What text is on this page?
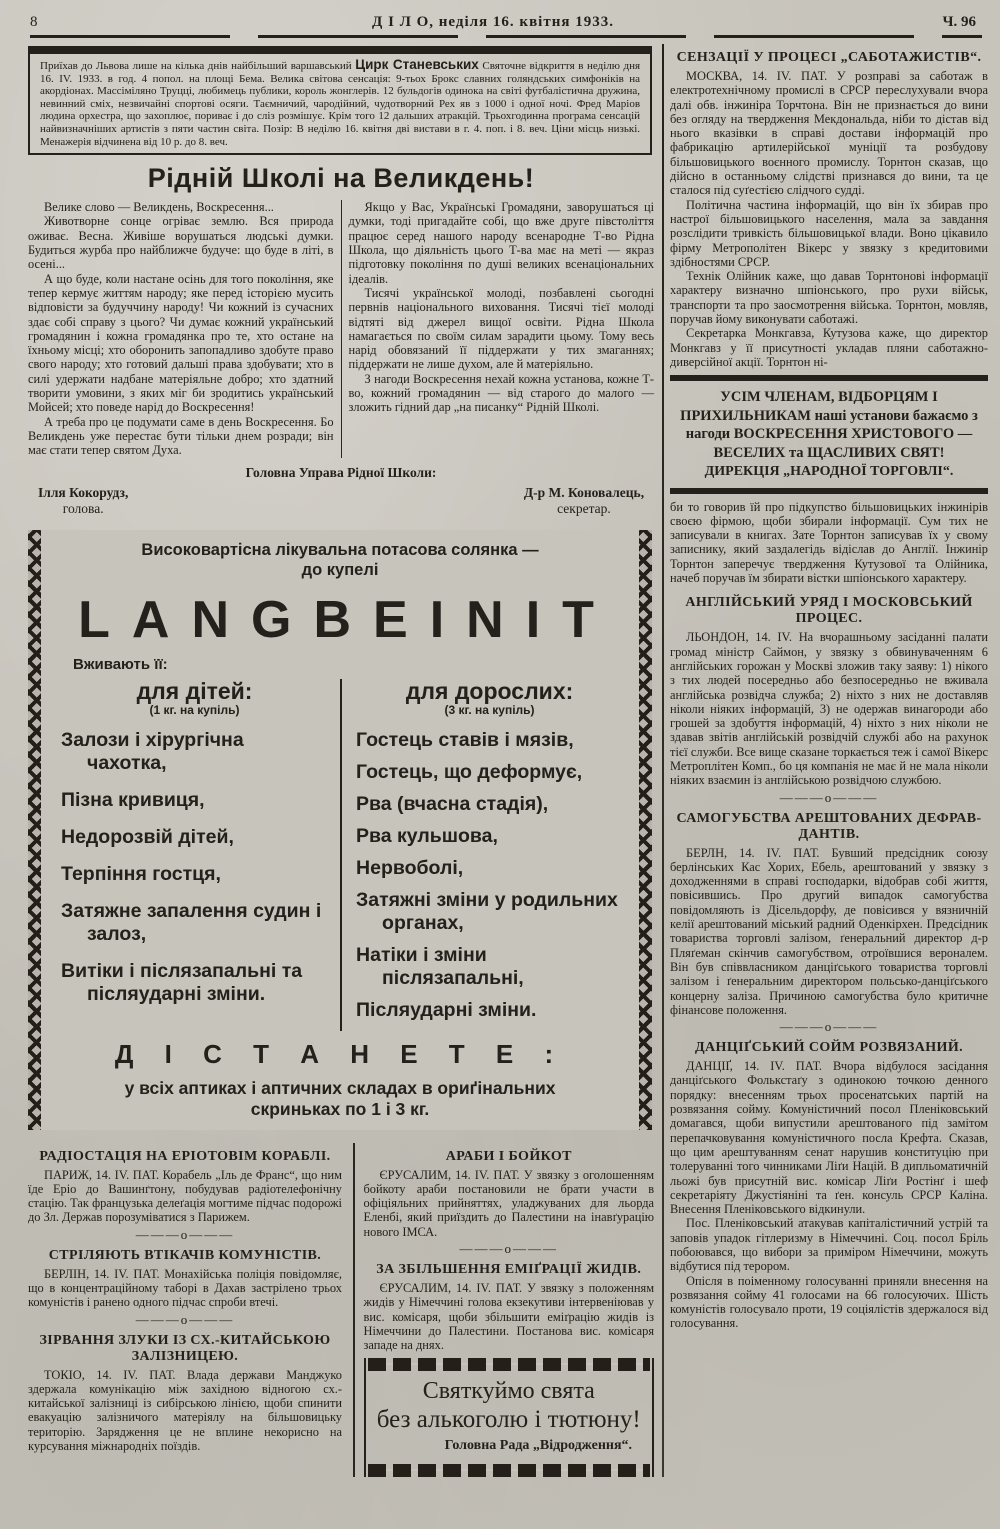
8	Д І Л О, неділя 16. квітня 1933.	Ч. 96
Приїхав до Львова лише на кілька днів найбільший варшавський Цирк Станевських Святочне відкриття в неділю дня 16. IV. 1933. в год. 4 попол. на площі Бема. Велика світова сенсація: 9-тьох Брокс славних голяндських симфоніків на акордіонах. Массіміляно Труцці, любимець публики, король жонглерів. 12 бульдогів одинока на світі футбалістична дружина, невинний сміх, незвичайні спортові осяги. Таємничий, чародійний, чудотворний Рех яв з 1000 і одної ночі. Фред Маріов людина орхестра, що захоплює, пориває і до сліз розмішує. Крім того 12 дальших атракцій. Трьохгодинна програма сенсацій найвизначніших артистів з пяти частин світа. Позір: В неділю 16. квітня дві вистави в г. 4. поп. і 8. веч. Ціни місць низькі. Менажерія відчинена від 10 р. до 8. веч.
Рідній Школі на Великдень!

Велике слово — Великдень, Воскресення...

Животворне сонце огріває землю. Вся природа оживає. Весна. Живіше ворушаться людські думки. Будиться журба про найближче будуче: що буде в літі, в осені...

А що буде, коли настане осінь для того покоління, яке тепер кермує життям народу; яке перед історією мусить відповісти за будуччину народу! Чи кожний із сучасних здає собі справу з цього? Чи думає кожний український громадянин і кожна громадянка про те, хто остане на їхньому місці; хто оборонить запопадливо здобуте право свого народу; хто готовий дальші права здобувати; хто в силі удержати надбане матеріяльне добро; хто здатний творити умовини, з яких міг би зродитись український Мойсей; хто поведе нарід до Воскресення!

А треба про це подумати саме в день Воскресення. Бо Великдень уже перестає бути тільки днем розради; він має стати тепер святом Духа.

Якщо у Вас, Українські Громадяни, заворушаться ці думки, тоді пригадайте собі, що вже друге півстоліття працює серед нашого народу всенародне Т-во Рідна Школа, що діяльність цього Т-ва має на меті — якраз підготовку покоління по душі великих всенаціональних ідеалів.

Тисячі української молоді, позбавлені сьогодні первнів національного виховання. Тисячі тієї молоді відтяті від джерел вищої освіти. Рідна Школа намагається по своїм силам зарадити цьому. Тому весь нарід обовязаний її піддержати у тих змаганнях; піддержати не лише духом, але й матеріяльно.

З нагоди Воскресення нехай кожна установа, кожне Т-во, кожний громадянин — від старого до малого — зложить гідний дар „на писанку“ Рідній Школі.

Головна Управа Рідної Школи:
Ілля Кокорудз,
голова.
Д-р М. Коновалець,
секретар.
Високовартісна лікувальна потасова солянка —
до купелі
LANGBEINIT
Вживають її:
для дітей:
(1 кг. на купіль)

Залози і хірургічна чахотка,

Пізна кривиця,

Недорозвій дітей,

Терпіння гостця,

Затяжне запалення судин і залоз,

Витіки і післязапальні та післяударні зміни.

для дорослих:
(3 кг. на купіль)

Гостець ставів і мязів,

Гостець, що деформує,

Рва (вчасна стадія),

Рва кульшова,

Нервоболі,

Затяжні зміни у родильних органах,

Натіки і зміни післязапальні,

Післяударні зміни.

Д І С Т А Н Е Т Е :
у всіх аптиках і аптичних складах в ориґінальних
скриньках по 1 і 3 кг.
РАДІОСТАЦІЯ НА ЕРІОТОВІМ КОРАБЛІ.

ПАРИЖ, 14. IV. ПАТ. Корабель „Іль де Франс“, що ним їде Еріо до Вашинґтону, побудував радіотелефонічну стацію. Так французька делеґація могтиме підчас подорожі до Зл. Держав порозуміватися з Парижем.

———о———
СТРІЛЯЮТЬ ВТІКАЧІВ КОМУНІСТІВ.

БЕРЛІН, 14. IV. ПАТ. Монахійська поліція повідомляє, що в концентраційному таборі в Дахав застрілено трьох комуністів і ранено одного підчас спроби втечі.

———о———
ЗІРВАННЯ ЗЛУКИ ІЗ СХ.-КИТАЙСЬКОЮ
ЗАЛІЗНИЦЕЮ.

ТОКІО, 14. IV. ПАТ. Влада держави Манджуко здержала комунікацію між західною відногою сх.-китайської залізниці із сибірською лінією, щоби спинити евакуацію залізничого матеріялу на більшовицьку територію. Зарядження це не вплине некорисно на курсування міжнародніх поїздів.

АРАБИ І БОЙКОТ

ЄРУСАЛИМ, 14. IV. ПАТ. У звязку з оголошенням бойкоту араби постановили не брати участи в офіціяльних прийняттях, уладжуваних для льорда Еленбі, який приїздить до Палестини на інавґурацію нового ІМСА.

———о———
ЗА ЗБІЛЬШЕННЯ ЕМІҐРАЦІЇ ЖИДІВ.

ЄРУСАЛИМ, 14. IV. ПАТ. У звязку з положенням жидів у Німеччині голова екзекутиви інтервеніював у вис. комісаря, щоби збільшити еміґрацію жидів із Німеччини до Палестини. Постанова вис. комісаря западе на днях.

Святкуймо свята
без алькоголю і тютюну!
Головна Рада „Відродження“.
СЕНЗАЦІЇ У ПРОЦЕСІ „САБОТАЖИСТІВ“.

МОСКВА, 14. IV. ПАТ. У розправі за саботаж в електротехнічному промислі в СРСР переслухували вчора далі обв. інжиніра Торчтона. Він не признається до вини без огляду на твердження Мекдональда, ніби то дістав від нього вказівки в справі достави інформацій про фабрикацію артилерійської муніції та розбудову більшовицького воєнного промислу. Торнтон сказав, що дійсно в останньому слідстві признався до вини, та це сталося під суґестією слідчого судді.

Політична частина інформацій, що він їх збирав про настрої більшовицького населення, мала за завдання розслідити тривкість більшовицької влади. Воно цікавило фірму Метрополітен Вікерс у звязку з кредитовими здібностями СРСР.

Технік Олійник каже, що давав Торнтонові інформації характеру визначно шпіонського, про рухи військ, транспорти та про заосмотрення війська. Торнтон, мовляв, поручав йому виконувати саботажі.

Секретарка Монкгавза, Кутузова каже, що директор Монкгавз у її присутності укладав пляни саботажно-диверсійної акції. Торнтон ні-

УСІМ ЧЛЕНАМ, ВІДБОРЦЯМ І ПРИХИЛЬНИКАМ наші установи бажаємо з нагоди ВОСКРЕСЕННЯ ХРИСТОВОГО — ВЕСЕЛИХ та ЩАСЛИВИХ СВЯТ!
ДИРЕКЦІЯ „НАРОДНОЇ ТОРГОВЛІ“.

би то говорив їй про підкупство більшовицьких інжинірів своєю фірмою, щоби збирали інформації. Сум тих не записували в книгах. Зате Торнтон записував їх у свому записнику, який заздалегідь відіслав до Англії. Інжинір Торнтон заперечує твердження Кутузової та Олійника, начеб поручав їм збирати вістки шпіонського характеру.

АНГЛІЙСЬКИЙ УРЯД І МОСКОВСЬКИЙ
ПРОЦЕС.

ЛЬОНДОН, 14. IV. На вчорашньому засіданні палати громад міністр Саймон, у звязку з обвинуваченням 6 англійських горожан у Москві зложив таку заяву: 1) нікого з тих людей посередньо або безпосередньо не вживала англійська розвідча служба; 2) ніхто з них не доставляв ніколи ніяких інформацій, 3) не одержав винагороди або грошей за здобуття інформацій, 4) ніхто з них ніколи не здавав звітів англійській розвідчій службі або на рахунок тієї служби. Все вище сказане торкається теж і самої Вікерс Метроплітен Комп., бо ця компанія не має й не мала ніколи ніяких взаємин із англійською розвідчою службою.

———о———
САМОГУБСТВА АРЕШТОВАНИХ ДЕФРАВ-
ДАНТІВ.

БЕРЛН, 14. IV. ПАТ. Бувший предсідник союзу берлінських Кас Хорих, Ебель, арештований у звязку з доходженнями в справі господарки, відобрав собі життя, повісившись. Про другий випадок самогубства повідомляють із Дісельдорфу, де повісився у вязничній келії арештований міський радний Оденкірхен. Предсідник товариства торговлі залізом, ґенеральний директор д-р Пляґеман скінчив самогубством, отроївшися вероналем. Він був співвласником данціґського товариства торговлі залізом і ґенеральним директором польсько-данціґського концерну заліза. Причиною самогубства було критичне фінансове положення.

———о———
ДАНЦІҐСЬКИЙ СОЙМ РОЗВЯЗАНИЙ.

ДАНЦІҐ, 14. IV. ПАТ. Вчора відбулося засідання данціґського Фолькстаґу з одинокою точкою денного порядку: внесенням трьох просенатських партій на розвязання сойму. Комуністичний посол Пленіковський домагався, щоби випустили арештованого під замітом перепачковування комуністичного посла Крефта. Сказав, що цим арештуванням сенат нарушив конституцію при толеруванні того чинниками Ліґи Націй. В дипльоматичній льожі був присутній вис. комісар Ліґи Ростінґ і шеф секретаріяту Джустіяніні та ґен. консуль СРСР Каліна. Внесення Пленіковського відкинули.

Пос. Пленіковський атакував капіталістичний устрій та заповів упадок гітлеризму в Німеччині. Соц. посол Бріль побоювався, що вибори за приміром Німеччини, можуть відбутися під терором.

Опісля в поіменному голосуванні приняли внесення на розвязання сойму 41 голосами на 66 голосуючих. Шість комуністів голосувало проти, 19 соціялістів здержалося від голосування.
